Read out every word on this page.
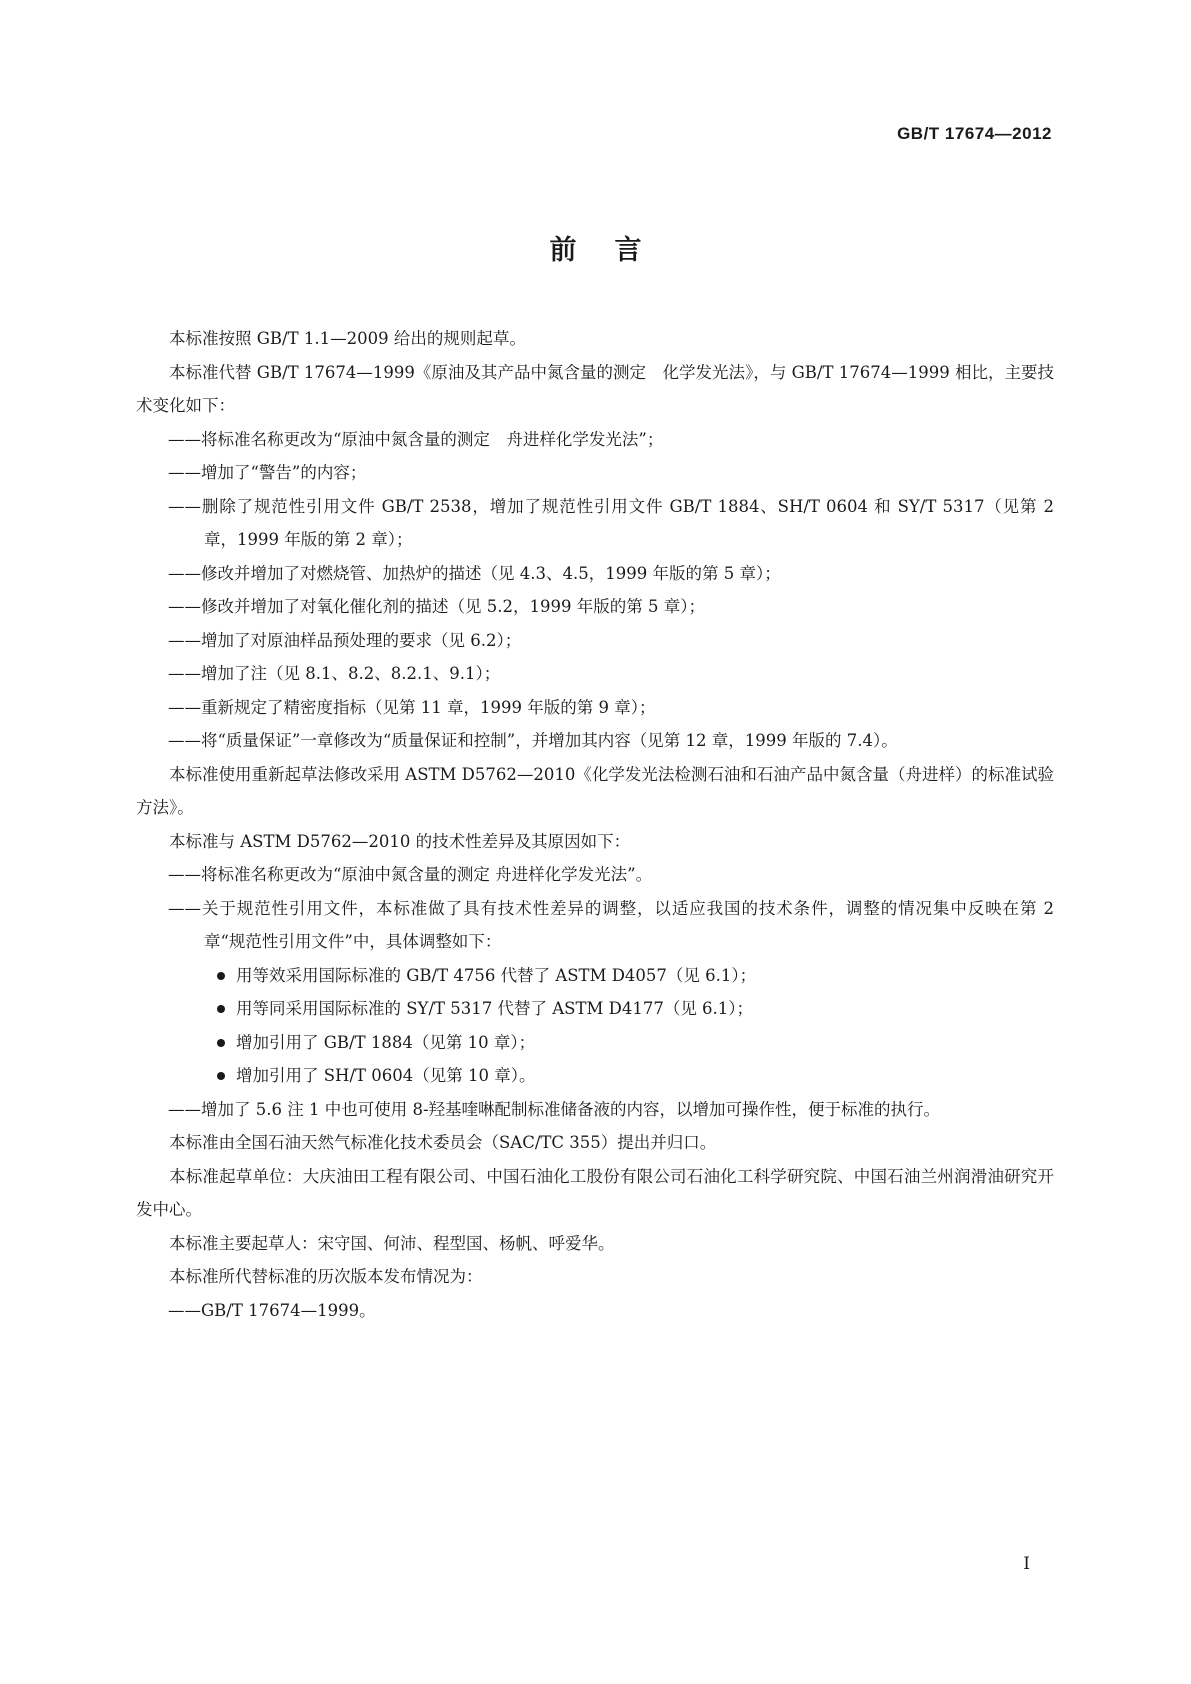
GB/T 17674—2012
前言

本标准按照 GB/T 1.1—2009 给出的规则起草。

本标准代替 GB/T 17674—1999《原油及其产品中氮含量的测定　化学发光法》，与 GB/T 17674—1999 相比，主要技术变化如下：

——将标准名称更改为“原油中氮含量的测定　舟进样化学发光法”；

——增加了“警告”的内容；

——删除了规范性引用文件 GB/T 2538，增加了规范性引用文件 GB/T 1884、SH/T 0604 和 SY/T 5317（见第 2 章，1999 年版的第 2 章）；

——修改并增加了对燃烧管、加热炉的描述（见 4.3、4.5，1999 年版的第 5 章）；

——修改并增加了对氧化催化剂的描述（见 5.2，1999 年版的第 5 章）；

——增加了对原油样品预处理的要求（见 6.2）；

——增加了注（见 8.1、8.2、8.2.1、9.1）；

——重新规定了精密度指标（见第 11 章，1999 年版的第 9 章）；

——将“质量保证”一章修改为“质量保证和控制”，并增加其内容（见第 12 章，1999 年版的 7.4）。

本标准使用重新起草法修改采用 ASTM D5762—2010《化学发光法检测石油和石油产品中氮含量（舟进样）的标准试验方法》。

本标准与 ASTM D5762—2010 的技术性差异及其原因如下：

——将标准名称更改为“原油中氮含量的测定 舟进样化学发光法”。

——关于规范性引用文件，本标准做了具有技术性差异的调整，以适应我国的技术条件，调整的情况集中反映在第 2 章“规范性引用文件”中，具体调整如下：

用等效采用国际标准的 GB/T 4756 代替了 ASTM D4057（见 6.1）；

用等同采用国际标准的 SY/T 5317 代替了 ASTM D4177（见 6.1）；

增加引用了 GB/T 1884（见第 10 章）；

增加引用了 SH/T 0604（见第 10 章）。

——增加了 5.6 注 1 中也可使用 8-羟基喹啉配制标准储备液的内容，以增加可操作性，便于标准的执行。

本标准由全国石油天然气标准化技术委员会（SAC/TC 355）提出并归口。

本标准起草单位：大庆油田工程有限公司、中国石油化工股份有限公司石油化工科学研究院、中国石油兰州润滑油研究开发中心。

本标准主要起草人：宋守国、何沛、程型国、杨帆、呼爱华。

本标准所代替标准的历次版本发布情况为：

——GB/T 17674—1999。

I
